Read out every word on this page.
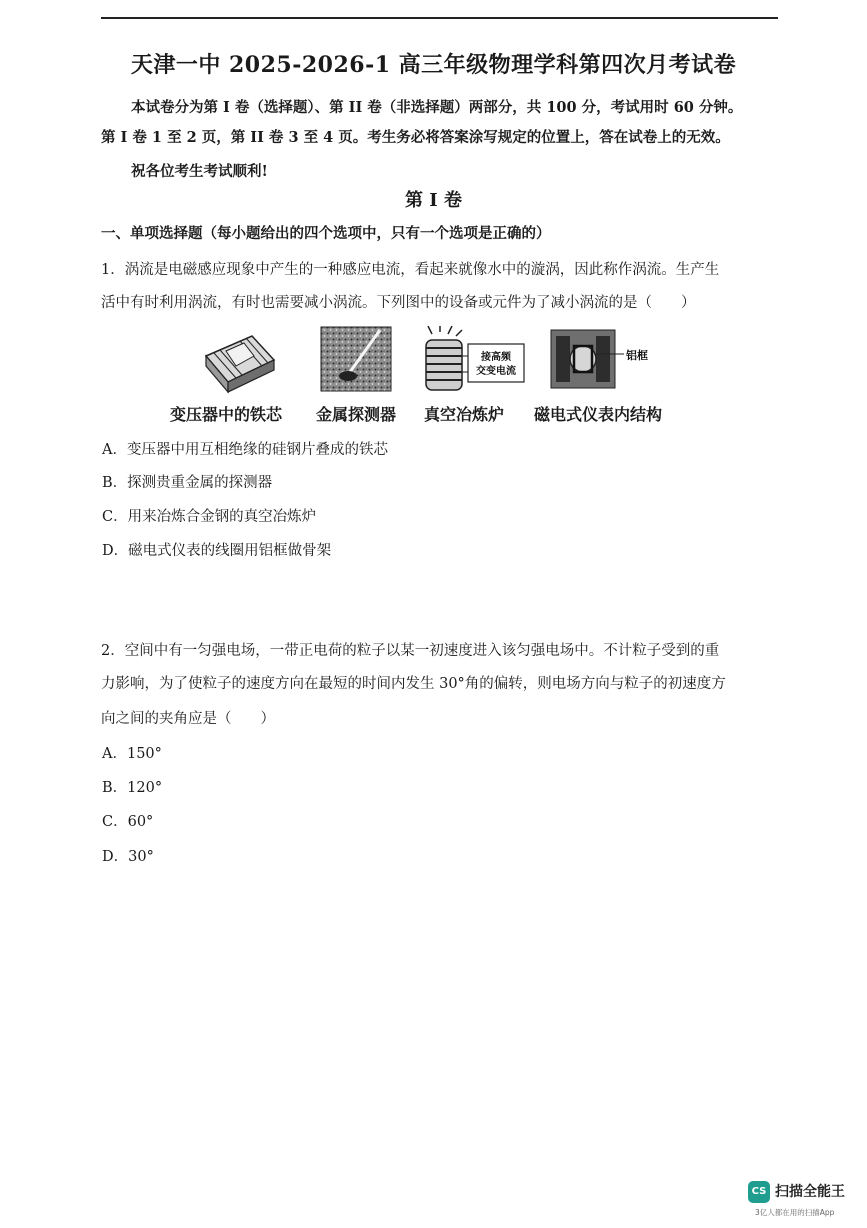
天津一中 2025-2026-1 高三年级物理学科第四次月考试卷
本试卷分为第 I 卷（选择题）、第 II 卷（非选择题）两部分，共 100 分，考试用时 60 分钟。
第 I 卷 1 至 2 页，第 II 卷 3 至 4 页。考生务必将答案涂写规定的位置上，答在试卷上的无效。
祝各位考生考试顺利!
第 I 卷
一、单项选择题（每小题给出的四个选项中，只有一个选项是正确的）
1．涡流是电磁感应现象中产生的一种感应电流，看起来就像水中的漩涡，因此称作涡流。生产生
活中有时利用涡流，有时也需要减小涡流。下列图中的设备或元件为了减小涡流的是（　　）
接高频
交变电流
铝框
变压器中的铁芯 金属探测器 真空冶炼炉 磁电式仪表内结构
A．变压器中用互相绝缘的硅钢片叠成的铁芯
B．探测贵重金属的探测器
C．用来冶炼合金钢的真空冶炼炉
D．磁电式仪表的线圈用铝框做骨架
2．空间中有一匀强电场，一带正电荷的粒子以某一初速度进入该匀强电场中。不计粒子受到的重
力影响，为了使粒子的速度方向在最短的时间内发生 30°角的偏转，则电场方向与粒子的初速度方
向之间的夹角应是（　　）
A．150°
B．120°
C．60°
D．30°
CS 扫描全能王
3亿人都在用的扫描App
